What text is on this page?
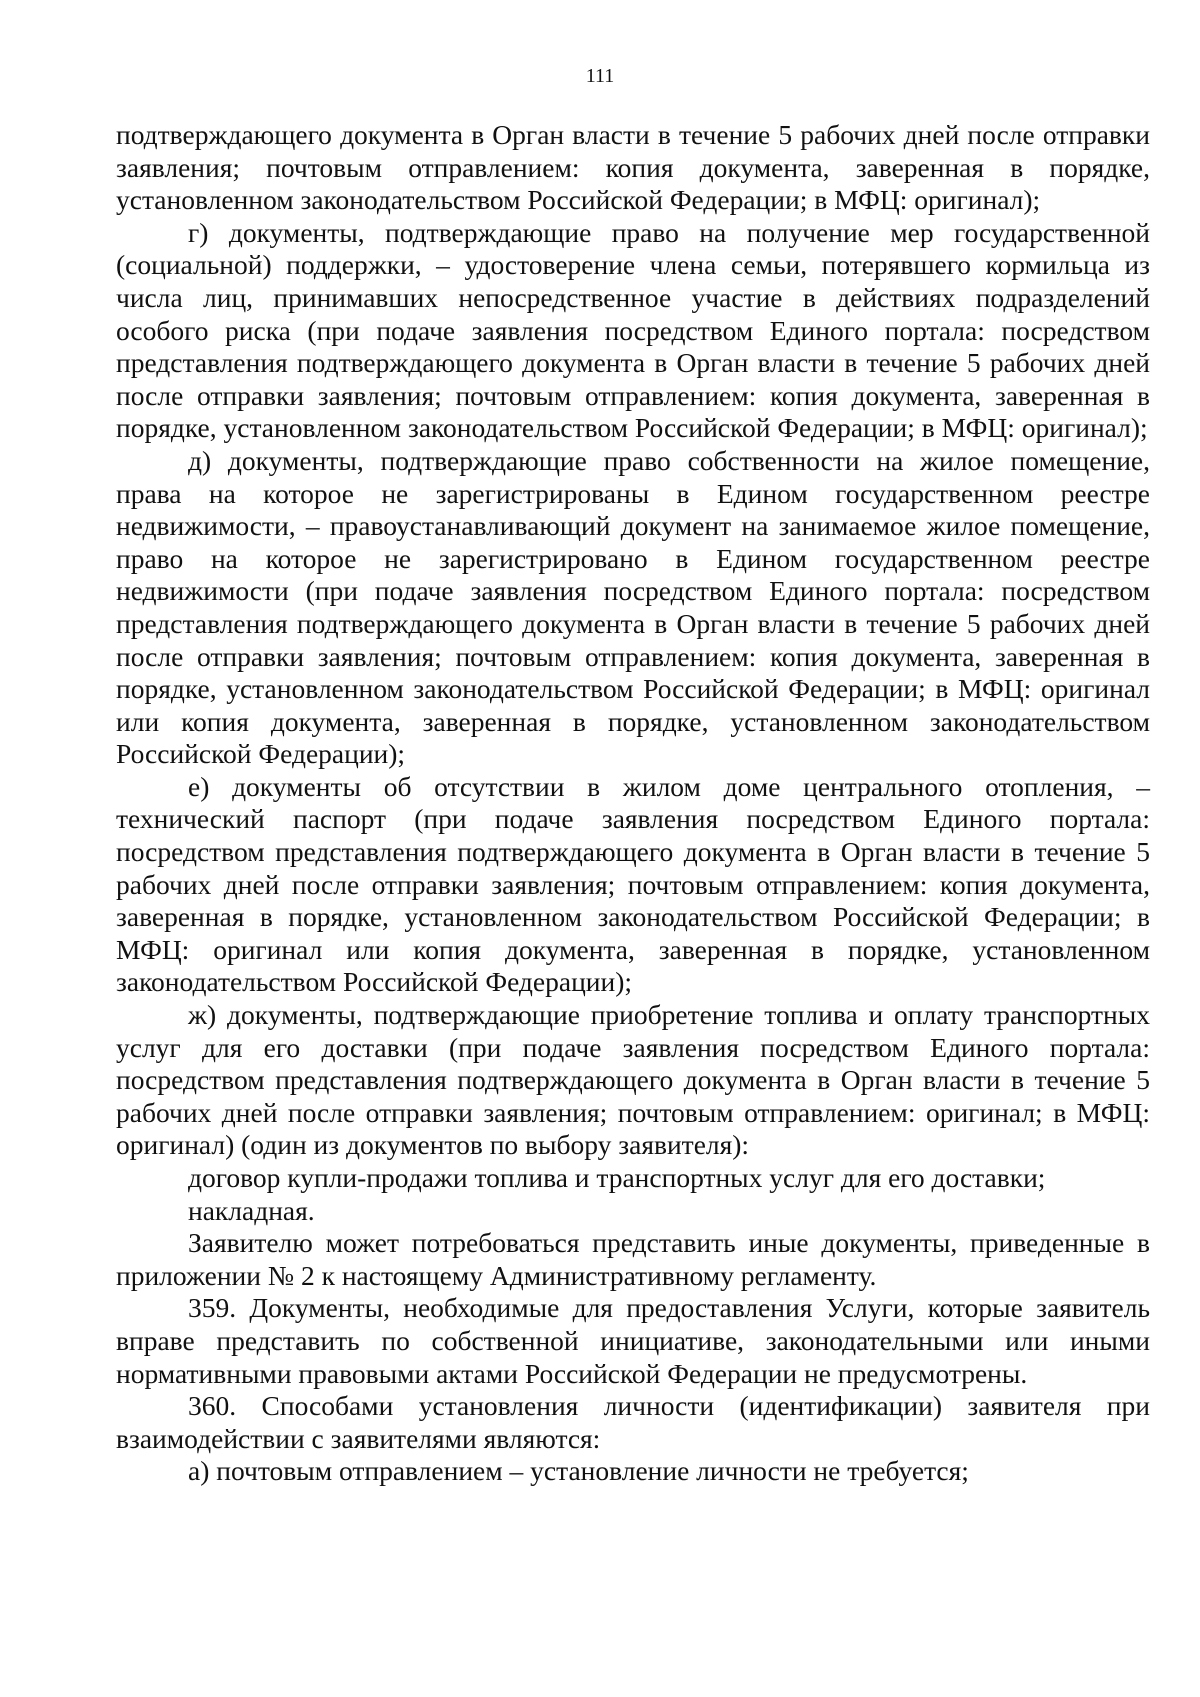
111

подтверждающего документа в Орган власти в течение 5 рабочих дней после отправки заявления; почтовым отправлением: копия документа, заверенная в порядке, установленном законодательством Российской Федерации; в МФЦ: оригинал);

г) документы, подтверждающие право на получение мер государственной (социальной) поддержки, – удостоверение члена семьи, потерявшего кормильца из числа лиц, принимавших непосредственное участие в действиях подразделений особого риска (при подаче заявления посредством Единого портала: посредством представления подтверждающего документа в Орган власти в течение 5 рабочих дней после отправки заявления; почтовым отправлением: копия документа, заверенная в порядке, установленном законодательством Российской Федерации; в МФЦ: оригинал);

д) документы, подтверждающие право собственности на жилое помещение, права на которое не зарегистрированы в Едином государственном реестре недвижимости, – правоустанавливающий документ на занимаемое жилое помещение, право на которое не зарегистрировано в Едином государственном реестре недвижимости (при подаче заявления посредством Единого портала: посредством представления подтверждающего документа в Орган власти в течение 5 рабочих дней после отправки заявления; почтовым отправлением: копия документа, заверенная в порядке, установленном законодательством Российской Федерации; в МФЦ: оригинал или копия документа, заверенная в порядке, установленном законодательством Российской Федерации);

е) документы об отсутствии в жилом доме центрального отопления, – технический паспорт (при подаче заявления посредством Единого портала: посредством представления подтверждающего документа в Орган власти в течение 5 рабочих дней после отправки заявления; почтовым отправлением: копия документа, заверенная в порядке, установленном законодательством Российской Федерации; в МФЦ: оригинал или копия документа, заверенная в порядке, установленном законодательством Российской Федерации);

ж) документы, подтверждающие приобретение топлива и оплату транспортных услуг для его доставки (при подаче заявления посредством Единого портала: посредством представления подтверждающего документа в Орган власти в течение 5 рабочих дней после отправки заявления; почтовым отправлением: оригинал; в МФЦ: оригинал) (один из документов по выбору заявителя):

договор купли-продажи топлива и транспортных услуг для его доставки;

накладная.

Заявителю может потребоваться представить иные документы, приведенные в приложении № 2 к настоящему Административному регламенту.

359. Документы, необходимые для предоставления Услуги, которые заявитель вправе представить по собственной инициативе, законодательными или иными нормативными правовыми актами Российской Федерации не предусмотрены.

360. Способами установления личности (идентификации) заявителя при взаимодействии с заявителями являются:

а) почтовым отправлением – установление личности не требуется;
